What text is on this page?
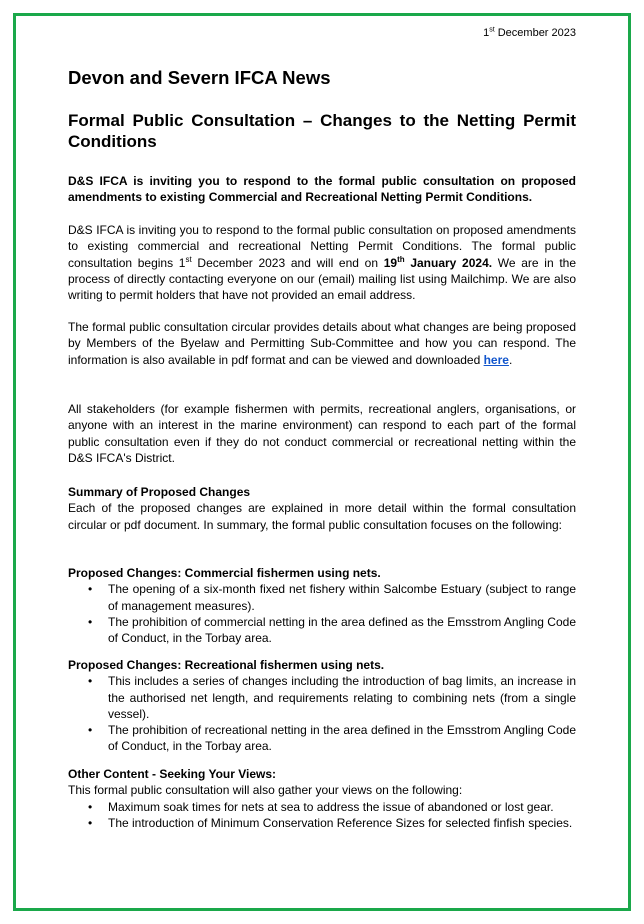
1st December 2023
Devon and Severn IFCA News
Formal Public Consultation – Changes to the Netting Permit Conditions

D&S IFCA is inviting you to respond to the formal public consultation on proposed amendments to existing Commercial and Recreational Netting Permit Conditions.

D&S IFCA is inviting you to respond to the formal public consultation on proposed amendments to existing commercial and recreational Netting Permit Conditions. The formal public consultation begins 1st December 2023 and will end on 19th January 2024. We are in the process of directly contacting everyone on our (email) mailing list using Mailchimp. We are also writing to permit holders that have not provided an email address.

The formal public consultation circular provides details about what changes are being proposed by Members of the Byelaw and Permitting Sub-Committee and how you can respond. The information is also available in pdf format and can be viewed and downloaded here.

All stakeholders (for example fishermen with permits, recreational anglers, organisations, or anyone with an interest in the marine environment) can respond to each part of the formal public consultation even if they do not conduct commercial or recreational netting within the D&S IFCA's District.

Summary of Proposed Changes

Each of the proposed changes are explained in more detail within the formal consultation circular or pdf document. In summary, the formal public consultation focuses on the following:

Proposed Changes: Commercial fishermen using nets.

• The opening of a six-month fixed net fishery within Salcombe Estuary (subject to range of management measures).
• The prohibition of commercial netting in the area defined as the Emsstrom Angling Code of Conduct, in the Torbay area.

Proposed Changes: Recreational fishermen using nets.

• This includes a series of changes including the introduction of bag limits, an increase in the authorised net length, and requirements relating to combining nets (from a single vessel).
• The prohibition of recreational netting in the area defined in the Emsstrom Angling Code of Conduct, in the Torbay area.

Other Content - Seeking Your Views:

This formal public consultation will also gather your views on the following:

• Maximum soak times for nets at sea to address the issue of abandoned or lost gear.
• The introduction of Minimum Conservation Reference Sizes for selected finfish species.
